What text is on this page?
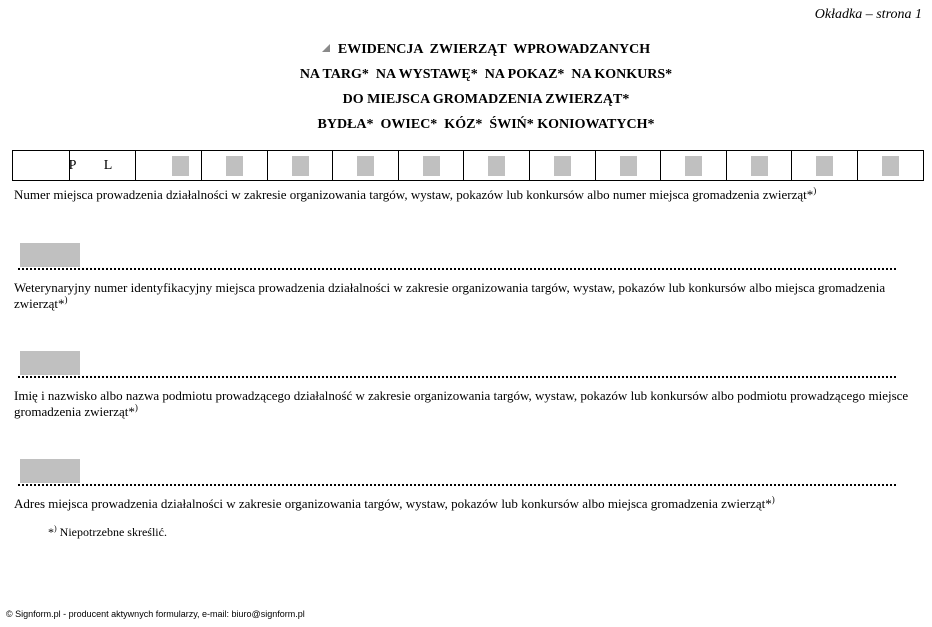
Okładka – strona 1
EWIDENCJA  ZWIERZĄT  WPROWADZANYCH
NA TARG*  NA WYSTAWĘ*  NA POKAZ*  NA KONKURS*
DO MIEJSCA GROMADZENIA ZWIERZĄT*
BYDŁA*  OWIEC*  KÓZ*  ŚWIŃ* KONIOWATYCH*
	P	L											
Numer miejsca prowadzenia działalności w zakresie organizowania targów, wystaw, pokazów lub konkursów albo numer miejsca gromadzenia zwierząt*)
Weterynaryjny numer identyfikacyjny miejsca prowadzenia działalności w zakresie organizowania targów, wystaw, pokazów lub konkursów albo miejsca gromadzenia zwierząt*)
Imię i nazwisko albo nazwa podmiotu prowadzącego działalność w zakresie organizowania targów, wystaw, pokazów lub konkursów albo podmiotu prowadzącego miejsce gromadzenia zwierząt*)
Adres miejsca prowadzenia działalności w zakresie organizowania targów, wystaw, pokazów lub konkursów albo miejsca gromadzenia zwierząt*)
*) Niepotrzebne skreślić.
© Signform.pl - producent aktywnych formularzy, e-mail: biuro@signform.pl
